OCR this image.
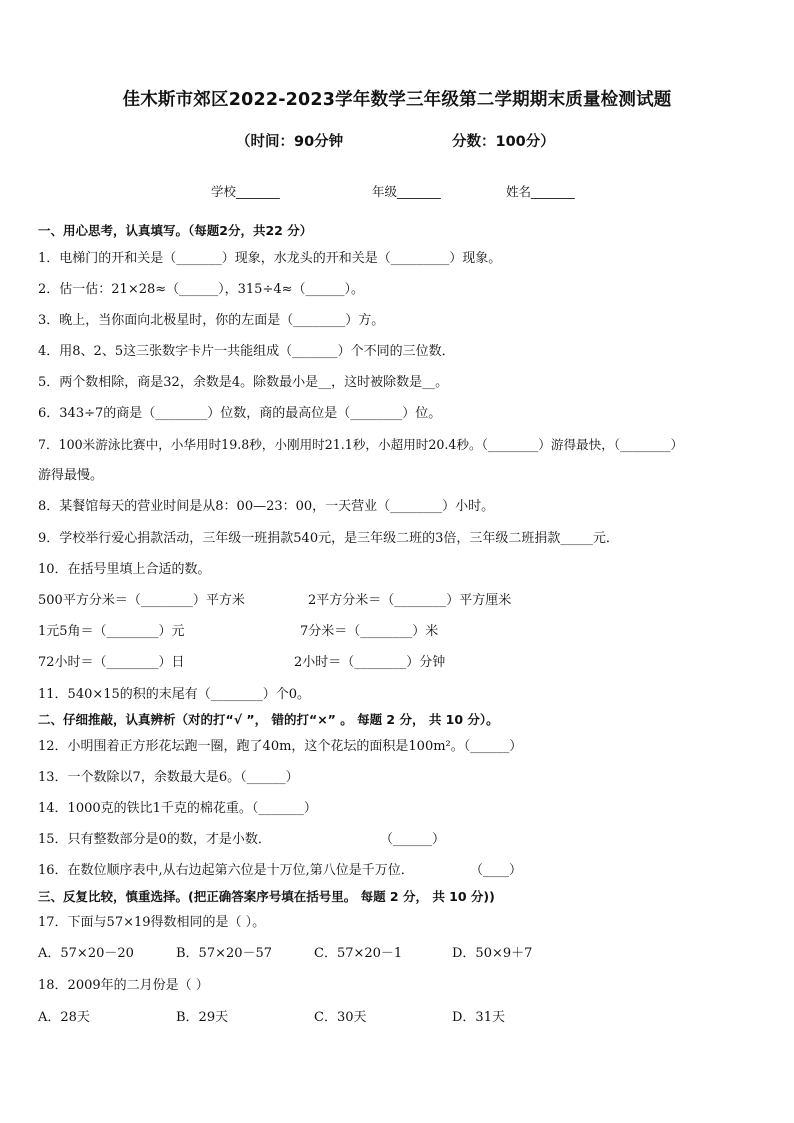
佳木斯市郊区2022-2023学年数学三年级第二学期期末质量检测试题
（时间：90分钟	分数：100分）
学校_______	年级_______	姓名_______
一、用心思考，认真填写。（每题2分，共22 分）
1．电梯门的开和关是（_______）现象，水龙头的开和关是（_________）现象。
2．估一估：21×28≈（______），315÷4≈（______）。
3．晚上，当你面向北极星时，你的左面是（________）方。
4．用8、2、5这三张数字卡片一共能组成（_______）个不同的三位数．
5．两个数相除，商是32，余数是4。除数最小是__，这时被除数是__。
6．343÷7的商是（________）位数，商的最高位是（________）位。
7．100米游泳比赛中，小华用时19.8秒，小刚用时21.1秒，小超用时20.4秒。（________）游得最快，（________）
游得最慢。
8．某餐馆每天的营业时间是从8：00—23：00，一天营业（________）小时。
9．学校举行爱心捐款活动，三年级一班捐款540元，是三年级二班的3倍，三年级二班捐款_____元．
10．在括号里填上合适的数。
500平方分米＝（________）平方米	2平方分米＝（________）平方厘米
1元5角＝（________）元	7分米＝（________）米
72小时＝（________）日	2小时＝（________）分钟
11．540×15的积的末尾有（________）个0。
二、仔细推敲，认真辨析（对的打“√ ”， 错的打“×” 。 每题 2 分， 共 10 分）。
12．小明围着正方形花坛跑一圈，跑了40m，这个花坛的面积是100m²。（______）
13．一个数除以7，余数最大是6。（______）
14．1000克的铁比1千克的棉花重。（_______）
15．只有整数部分是0的数，才是小数．	（______）
16．在数位顺序表中,从右边起第六位是十万位,第八位是千万位．	（____）
三、反复比较，慎重选择。(把正确答案序号填在括号里。 每题 2 分， 共 10 分))
17．下面与57×19得数相同的是（ ）。
A．57×20－20	B．57×20－57	C．57×20－1	D．50×9＋7
18．2009年的二月份是（ ）
A．28天	B．29天	C．30天	D．31天
